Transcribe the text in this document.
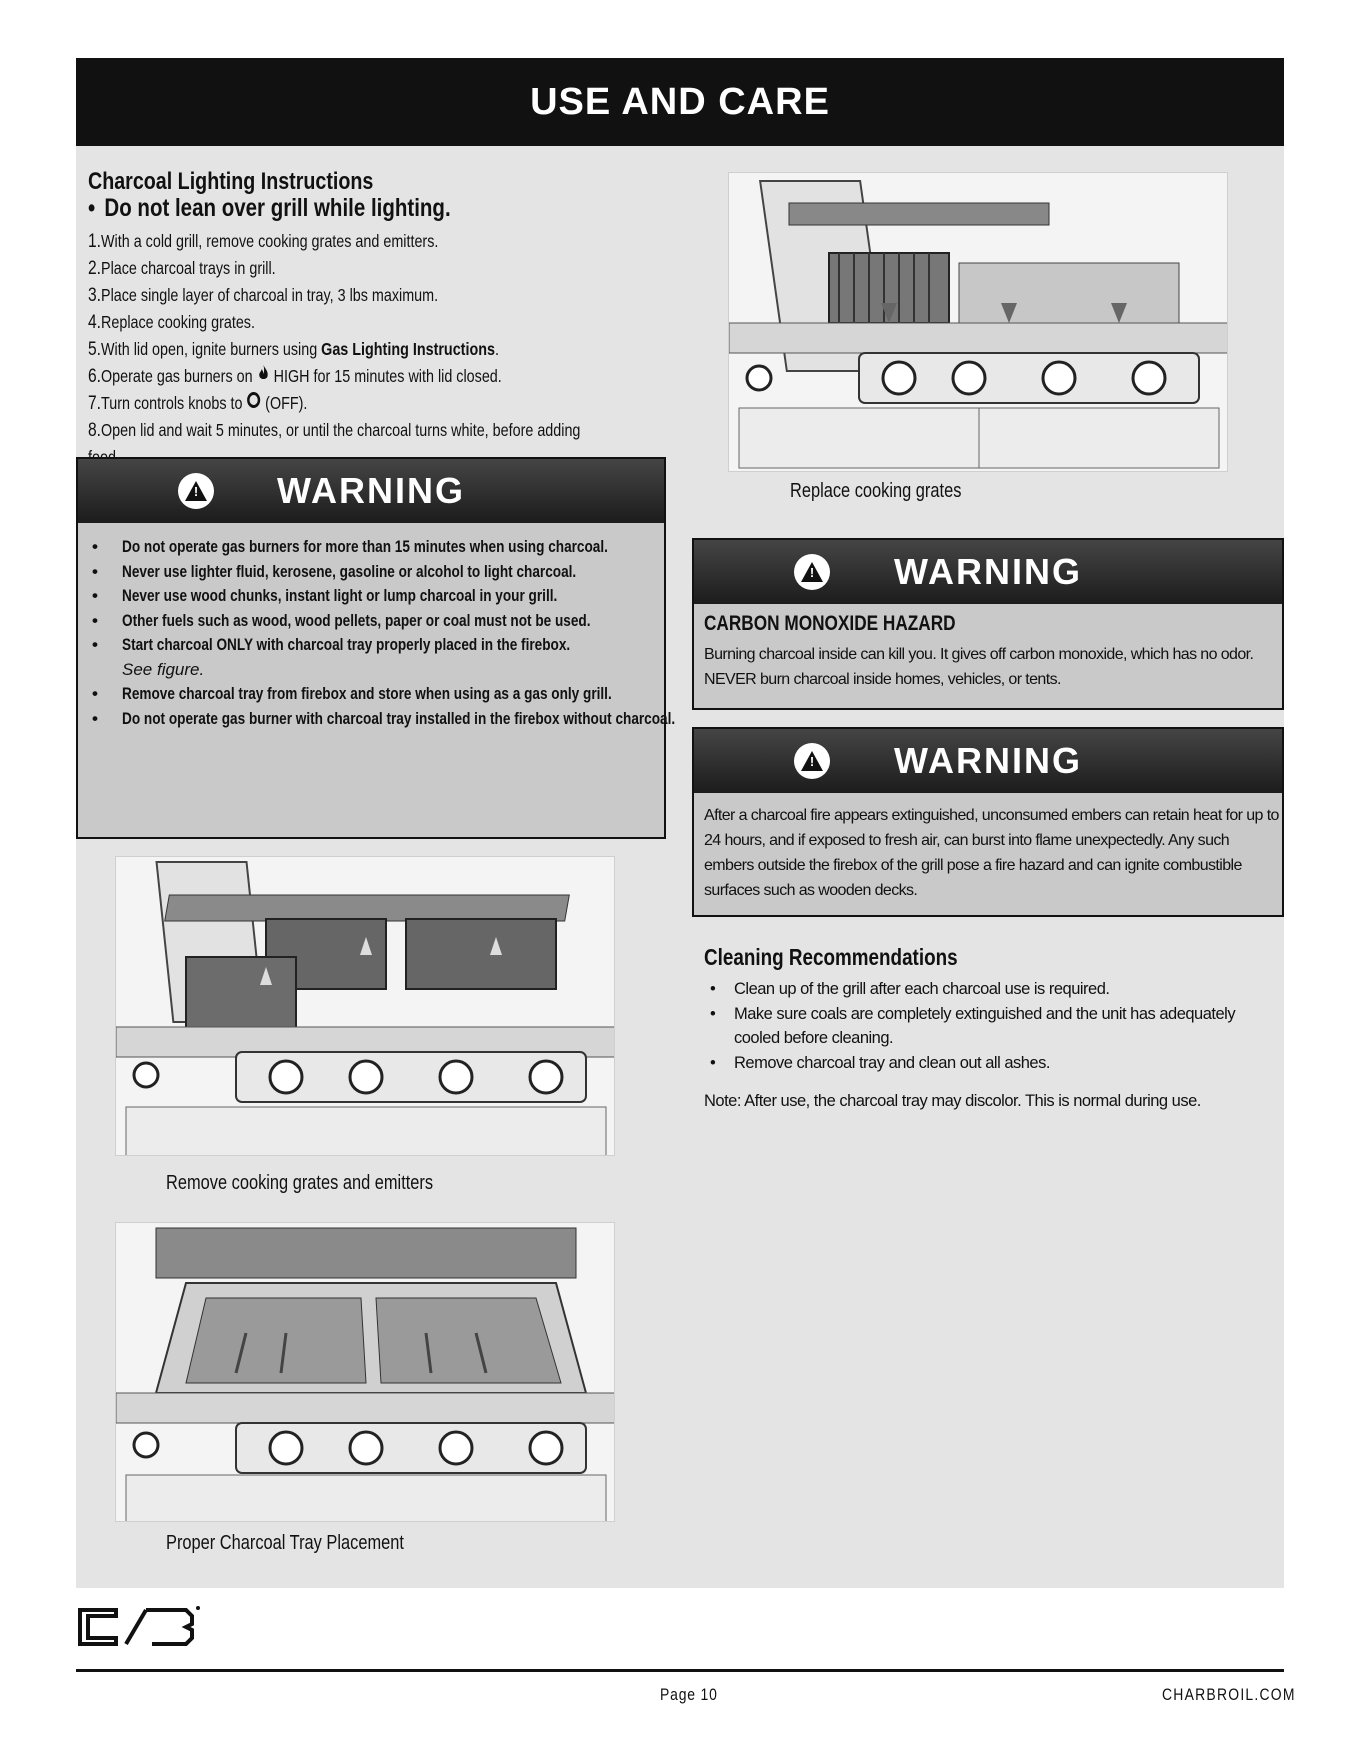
USE AND CARE
Charcoal Lighting Instructions
• Do not lean over grill while lighting.
1.With a cold grill, remove cooking grates and emitters.
2.Place charcoal trays in grill.
3.Place single layer of charcoal in tray, 3 lbs maximum.
4.Replace cooking grates.
5.With lid open, ignite burners using Gas Lighting Instructions.
6.Operate gas burners on  HIGH for 15 minutes with lid closed.
7.Turn controls knobs to  (OFF).
8.Open lid and wait 5 minutes, or until the charcoal turns white, before adding
! WARNING
•	Do not operate gas burners for more than 15 minutes when using charcoal.
•	Never use lighter fluid, kerosene, gasoline or alcohol to light charcoal.
•	Never use wood chunks, instant light or lump charcoal in your grill.
•	Other fuels such as wood, wood pellets, paper or coal must not be used.
•	Start charcoal ONLY with charcoal tray properly placed in the firebox.
See figure.
•	Remove charcoal tray from firebox and store when using as a gas only grill.
•	Do not operate gas burner with charcoal tray installed in the firebox without charcoal.
! WARNING
CARBON MONOXIDE HAZARD

Burning charcoal inside can kill you. It gives off carbon monoxide, which has no odor. NEVER burn charcoal inside homes, vehicles, or tents.

! WARNING

After a charcoal fire appears extinguished, unconsumed embers can retain heat for up to 24 hours, and if exposed to fresh air, can burst into flame unexpectedly. Any such embers outside the firebox of the grill pose a fire hazard and can ignite combustible surfaces such as wooden decks.

Cleaning Recommendations
•	Clean up of the grill after each charcoal use is required.
•	Make sure coals are completely extinguished and the unit has adequately cooled before cleaning.
•	Remove charcoal tray and clean out all ashes.
Note: After use, the charcoal tray may discolor. This is normal during use.
Replace cooking grates
Remove cooking grates and emitters
Proper Charcoal Tray Placement
Page 10	CHARBROIL.COM
